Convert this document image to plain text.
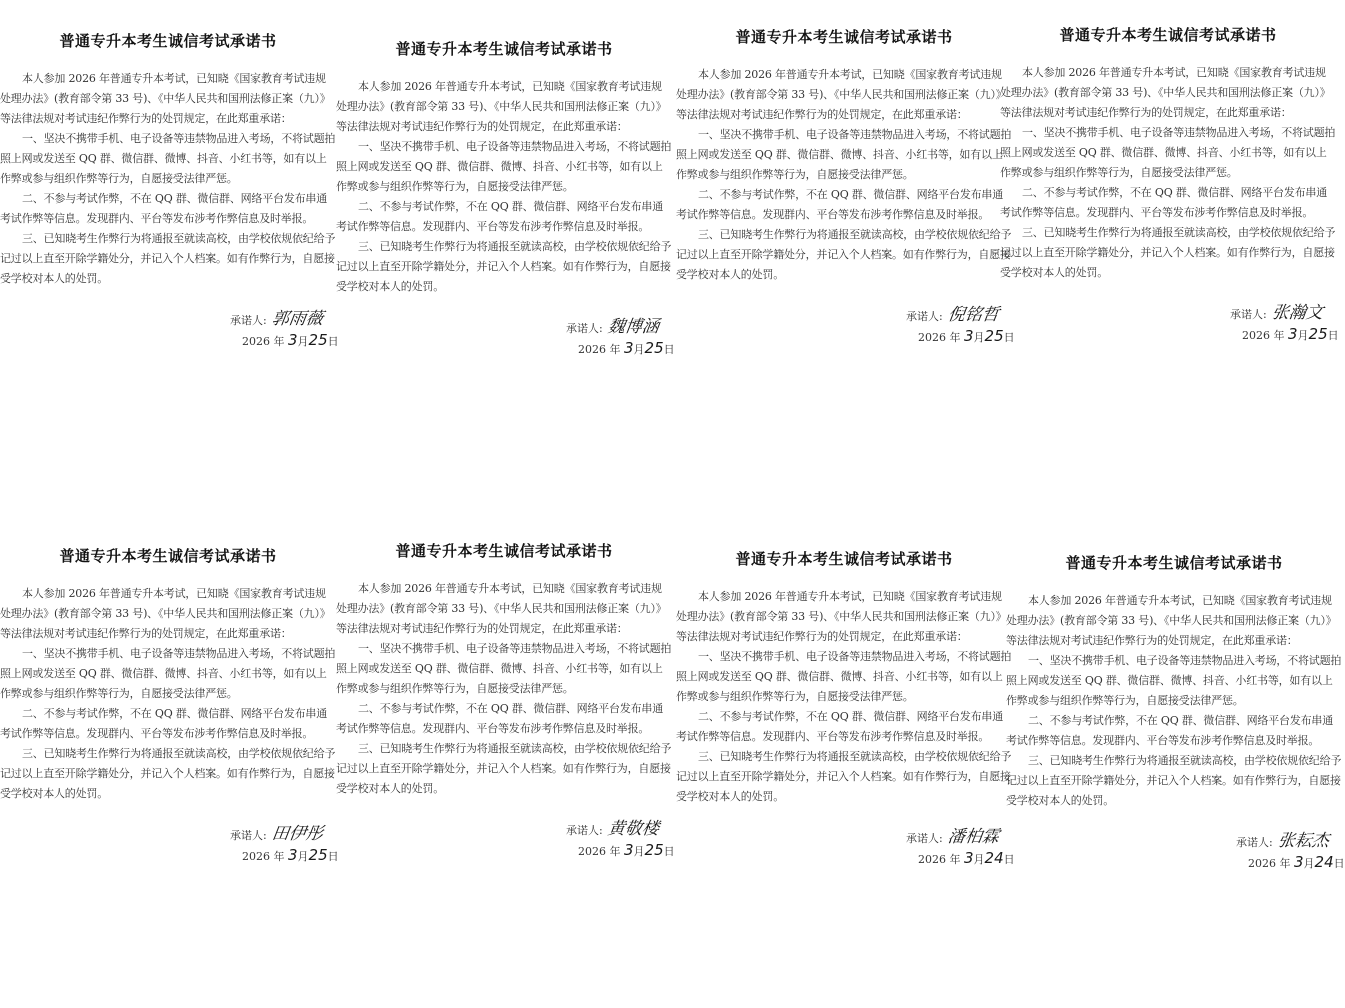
普通专升本考生诚信考试承诺书

本人参加 2026 年普通专升本考试，已知晓《国家教育考试违规处理办法》(教育部令第 33 号)、《中华人民共和国刑法修正案（九）》等法律法规对考试违纪作弊行为的处罚规定，在此郑重承诺：

一、坚决不携带手机、电子设备等违禁物品进入考场，不将试题拍照上网或发送至 QQ 群、微信群、微博、抖音、小红书等，如有以上作弊或参与组织作弊等行为，自愿接受法律严惩。

二、不参与考试作弊，不在 QQ 群、微信群、网络平台发布串通考试作弊等信息。发现群内、平台等发布涉考作弊信息及时举报。

三、已知晓考生作弊行为将通报至就读高校，由学校依规依纪给予记过以上直至开除学籍处分，并记入个人档案。如有作弊行为，自愿接受学校对本人的处罚。

承诺人: 郭雨薇
2026 年 3月25日
普通专升本考生诚信考试承诺书

本人参加 2026 年普通专升本考试，已知晓《国家教育考试违规处理办法》(教育部令第 33 号)、《中华人民共和国刑法修正案（九）》等法律法规对考试违纪作弊行为的处罚规定，在此郑重承诺：

一、坚决不携带手机、电子设备等违禁物品进入考场，不将试题拍照上网或发送至 QQ 群、微信群、微博、抖音、小红书等，如有以上作弊或参与组织作弊等行为，自愿接受法律严惩。

二、不参与考试作弊，不在 QQ 群、微信群、网络平台发布串通考试作弊等信息。发现群内、平台等发布涉考作弊信息及时举报。

三、已知晓考生作弊行为将通报至就读高校，由学校依规依纪给予记过以上直至开除学籍处分，并记入个人档案。如有作弊行为，自愿接受学校对本人的处罚。

承诺人: 魏博涵
2026 年 3月25日
普通专升本考生诚信考试承诺书

本人参加 2026 年普通专升本考试，已知晓《国家教育考试违规处理办法》(教育部令第 33 号)、《中华人民共和国刑法修正案（九）》等法律法规对考试违纪作弊行为的处罚规定，在此郑重承诺：

一、坚决不携带手机、电子设备等违禁物品进入考场，不将试题拍照上网或发送至 QQ 群、微信群、微博、抖音、小红书等，如有以上作弊或参与组织作弊等行为，自愿接受法律严惩。

二、不参与考试作弊，不在 QQ 群、微信群、网络平台发布串通考试作弊等信息。发现群内、平台等发布涉考作弊信息及时举报。

三、已知晓考生作弊行为将通报至就读高校，由学校依规依纪给予记过以上直至开除学籍处分，并记入个人档案。如有作弊行为，自愿接受学校对本人的处罚。

承诺人: 倪铭哲
2026 年 3月25日
普通专升本考生诚信考试承诺书

本人参加 2026 年普通专升本考试，已知晓《国家教育考试违规处理办法》(教育部令第 33 号)、《中华人民共和国刑法修正案（九）》等法律法规对考试违纪作弊行为的处罚规定，在此郑重承诺：

一、坚决不携带手机、电子设备等违禁物品进入考场，不将试题拍照上网或发送至 QQ 群、微信群、微博、抖音、小红书等，如有以上作弊或参与组织作弊等行为，自愿接受法律严惩。

二、不参与考试作弊，不在 QQ 群、微信群、网络平台发布串通考试作弊等信息。发现群内、平台等发布涉考作弊信息及时举报。

三、已知晓考生作弊行为将通报至就读高校，由学校依规依纪给予记过以上直至开除学籍处分，并记入个人档案。如有作弊行为，自愿接受学校对本人的处罚。

承诺人: 张瀚文
2026 年 3月25日
普通专升本考生诚信考试承诺书

本人参加 2026 年普通专升本考试，已知晓《国家教育考试违规处理办法》(教育部令第 33 号)、《中华人民共和国刑法修正案（九）》等法律法规对考试违纪作弊行为的处罚规定，在此郑重承诺：

一、坚决不携带手机、电子设备等违禁物品进入考场，不将试题拍照上网或发送至 QQ 群、微信群、微博、抖音、小红书等，如有以上作弊或参与组织作弊等行为，自愿接受法律严惩。

二、不参与考试作弊，不在 QQ 群、微信群、网络平台发布串通考试作弊等信息。发现群内、平台等发布涉考作弊信息及时举报。

三、已知晓考生作弊行为将通报至就读高校，由学校依规依纪给予记过以上直至开除学籍处分，并记入个人档案。如有作弊行为，自愿接受学校对本人的处罚。

承诺人: 田伊彤
2026 年 3月25日
普通专升本考生诚信考试承诺书

本人参加 2026 年普通专升本考试，已知晓《国家教育考试违规处理办法》(教育部令第 33 号)、《中华人民共和国刑法修正案（九）》等法律法规对考试违纪作弊行为的处罚规定，在此郑重承诺：

一、坚决不携带手机、电子设备等违禁物品进入考场，不将试题拍照上网或发送至 QQ 群、微信群、微博、抖音、小红书等，如有以上作弊或参与组织作弊等行为，自愿接受法律严惩。

二、不参与考试作弊，不在 QQ 群、微信群、网络平台发布串通考试作弊等信息。发现群内、平台等发布涉考作弊信息及时举报。

三、已知晓考生作弊行为将通报至就读高校，由学校依规依纪给予记过以上直至开除学籍处分，并记入个人档案。如有作弊行为，自愿接受学校对本人的处罚。

承诺人: 黄敬楼
2026 年 3月25日
普通专升本考生诚信考试承诺书

本人参加 2026 年普通专升本考试，已知晓《国家教育考试违规处理办法》(教育部令第 33 号)、《中华人民共和国刑法修正案（九）》等法律法规对考试违纪作弊行为的处罚规定，在此郑重承诺：

一、坚决不携带手机、电子设备等违禁物品进入考场，不将试题拍照上网或发送至 QQ 群、微信群、微博、抖音、小红书等，如有以上作弊或参与组织作弊等行为，自愿接受法律严惩。

二、不参与考试作弊，不在 QQ 群、微信群、网络平台发布串通考试作弊等信息。发现群内、平台等发布涉考作弊信息及时举报。

三、已知晓考生作弊行为将通报至就读高校，由学校依规依纪给予记过以上直至开除学籍处分，并记入个人档案。如有作弊行为，自愿接受学校对本人的处罚。

承诺人: 潘柏霖
2026 年 3月24日
普通专升本考生诚信考试承诺书

本人参加 2026 年普通专升本考试，已知晓《国家教育考试违规处理办法》(教育部令第 33 号)、《中华人民共和国刑法修正案（九）》等法律法规对考试违纪作弊行为的处罚规定，在此郑重承诺：

一、坚决不携带手机、电子设备等违禁物品进入考场，不将试题拍照上网或发送至 QQ 群、微信群、微博、抖音、小红书等，如有以上作弊或参与组织作弊等行为，自愿接受法律严惩。

二、不参与考试作弊，不在 QQ 群、微信群、网络平台发布串通考试作弊等信息。发现群内、平台等发布涉考作弊信息及时举报。

三、已知晓考生作弊行为将通报至就读高校，由学校依规依纪给予记过以上直至开除学籍处分，并记入个人档案。如有作弊行为，自愿接受学校对本人的处罚。

承诺人: 张耘杰
2026 年 3月24日
